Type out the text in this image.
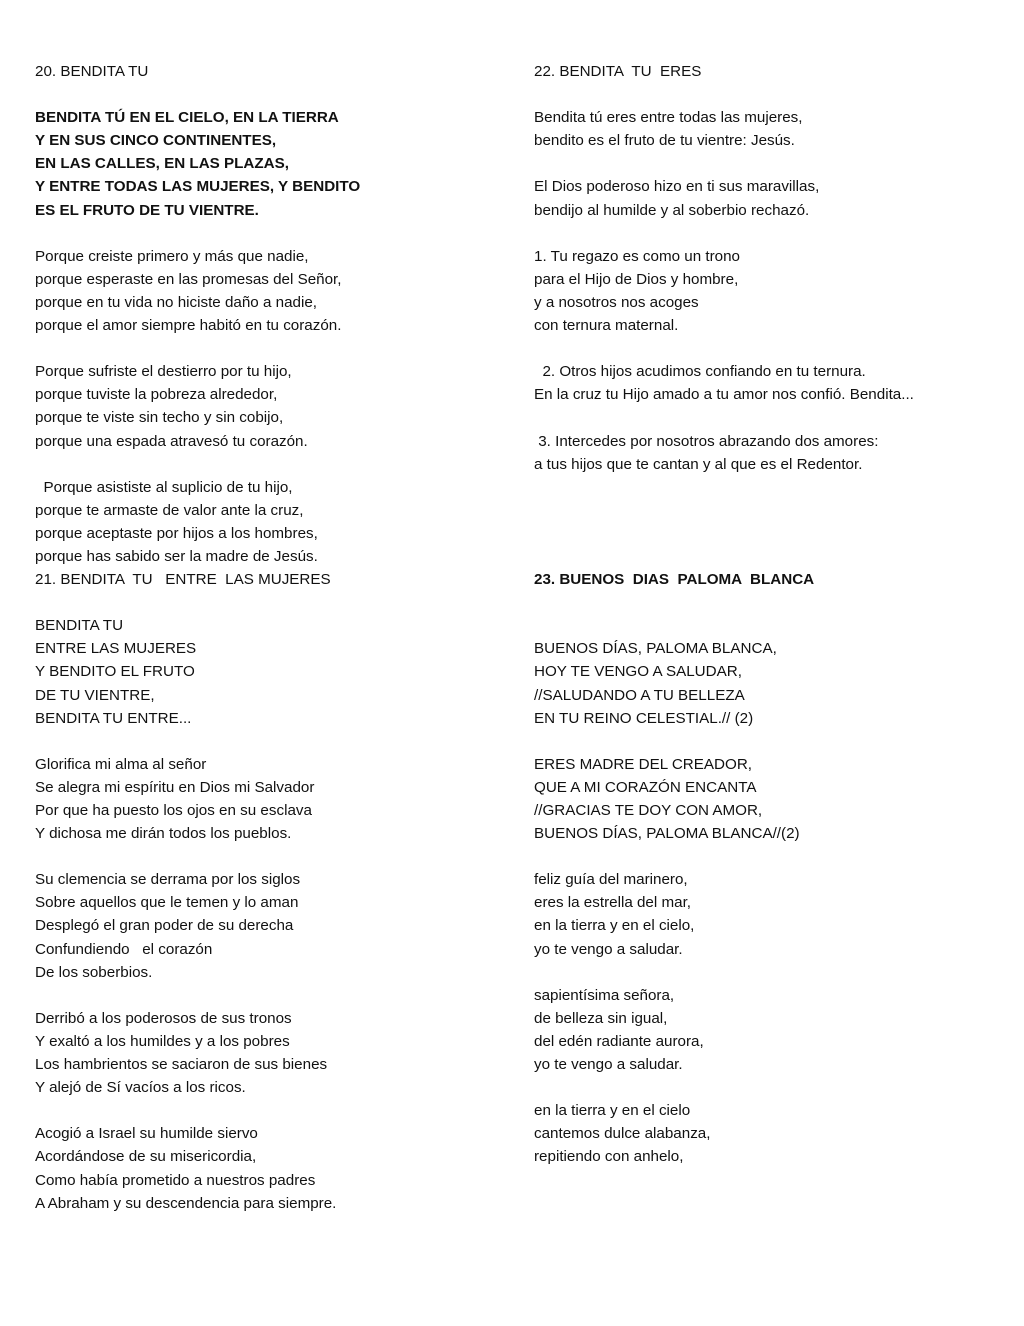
20. BENDITA TU

BENDITA TÚ EN EL CIELO, EN LA TIERRA

Y EN SUS CINCO CONTINENTES,

EN LAS CALLES, EN LAS PLAZAS,

Y ENTRE TODAS LAS MUJERES, Y BENDITO

ES EL FRUTO DE TU VIENTRE.

Porque creiste primero y más que nadie,

porque esperaste en las promesas del Señor,

porque en tu vida no hiciste daño a nadie,

porque el amor siempre habitó en tu corazón.

Porque sufriste el destierro por tu hijo,

porque tuviste la pobreza alrededor,

porque te viste sin techo y sin cobijo,

porque una espada atravesó tu corazón.

Porque asististe al suplicio de tu hijo,

porque te armaste de valor ante la cruz,

porque aceptaste por hijos a los hombres,

porque has sabido ser la madre de Jesús.

21. BENDITA  TU   ENTRE  LAS MUJERES

BENDITA TU

ENTRE LAS MUJERES

Y BENDITO EL FRUTO

DE TU VIENTRE,

BENDITA TU ENTRE...

Glorifica mi alma al señor

Se alegra mi espíritu en Dios mi Salvador

Por que ha puesto los ojos en su esclava

Y dichosa me dirán todos los pueblos.

Su clemencia se derrama por los siglos

Sobre aquellos que le temen y lo aman

Desplegó el gran poder de su derecha

Confundiendo   el corazón

De los soberbios.

Derribó a los poderosos de sus tronos

Y exaltó a los humildes y a los pobres

Los hambrientos se saciaron de sus bienes

Y alejó de Sí vacíos a los ricos.

Acogió a Israel su humilde siervo

Acordándose de su misericordia,

Como había prometido a nuestros padres

A Abraham y su descendencia para siempre.

22. BENDITA  TU  ERES

Bendita tú eres entre todas las mujeres,

bendito es el fruto de tu vientre: Jesús.

El Dios poderoso hizo en ti sus maravillas,

bendijo al humilde y al soberbio rechazó.

1. Tu regazo es como un trono

para el Hijo de Dios y hombre,

y a nosotros nos acoges

con ternura maternal.

2. Otros hijos acudimos confiando en tu ternura.

En la cruz tu Hijo amado a tu amor nos confió. Bendita...

3. Intercedes por nosotros abrazando dos amores:

a tus hijos que te cantan y al que es el Redentor.

23. BUENOS  DIAS  PALOMA  BLANCA

BUENOS DÍAS, PALOMA BLANCA,

HOY TE VENGO A SALUDAR,

//SALUDANDO A TU BELLEZA

EN TU REINO CELESTIAL.// (2)

ERES MADRE DEL CREADOR,

QUE A MI CORAZÓN ENCANTA

//GRACIAS TE DOY CON AMOR,

BUENOS DÍAS, PALOMA BLANCA//(2)

feliz guía del marinero,

eres la estrella del mar,

en la tierra y en el cielo,

yo te vengo a saludar.

sapientísima señora,

de belleza sin igual,

del edén radiante aurora,

yo te vengo a saludar.

en la tierra y en el cielo

cantemos dulce alabanza,

repitiendo con anhelo,
